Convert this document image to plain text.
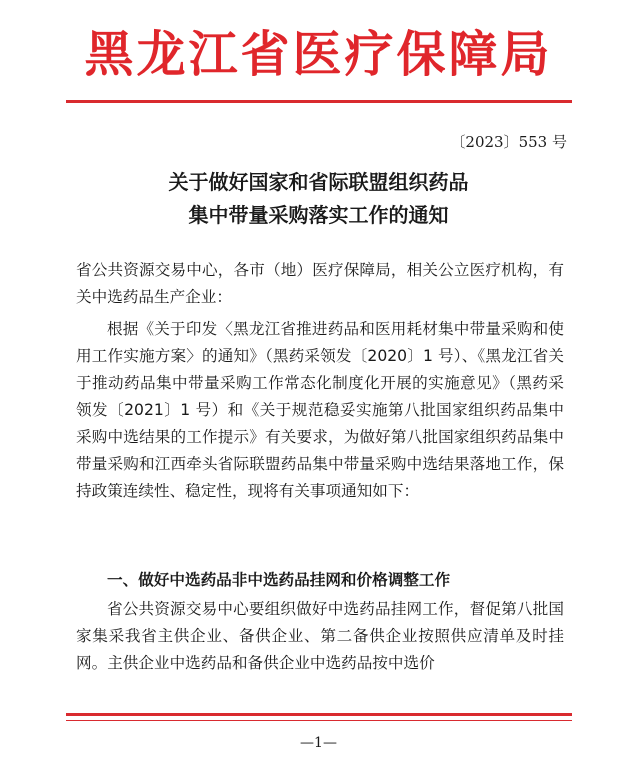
黑龙江省医疗保障局
〔2023〕553 号
关于做好国家和省际联盟组织药品
集中带量采购落实工作的通知

省公共资源交易中心，各市（地）医疗保障局，相关公立医疗机构，有关中选药品生产企业：

根据《关于印发〈黑龙江省推进药品和医用耗材集中带量采购和使用工作实施方案〉的通知》（黑药采领发〔2020〕1 号）、《黑龙江省关于推动药品集中带量采购工作常态化制度化开展的实施意见》（黑药采领发〔2021〕1 号）和《关于规范稳妥实施第八批国家组织药品集中采购中选结果的工作提示》有关要求，为做好第八批国家组织药品集中带量采购和江西牵头省际联盟药品集中带量采购中选结果落地工作，保持政策连续性、稳定性，现将有关事项通知如下：

一、做好中选药品非中选药品挂网和价格调整工作

省公共资源交易中心要组织做好中选药品挂网工作，督促第八批国家集采我省主供企业、备供企业、第二备供企业按照供应清单及时挂网。主供企业中选药品和备供企业中选药品按中选价

—1—
